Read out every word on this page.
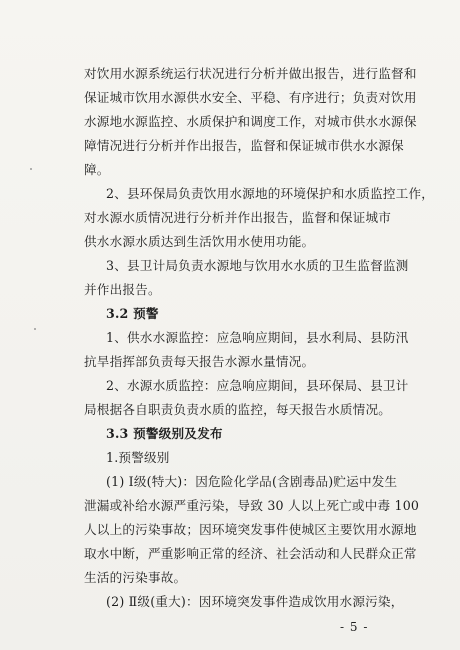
对饮用水源系统运行状况进行分析并做出报告，进行监督和
保证城市饮用水源供水安全、平稳、有序进行；负责对饮用
水源地水源监控、水质保护和调度工作，对城市供水水源保
障情况进行分析并作出报告，监督和保证城市供水水源保
障。
2、县环保局负责饮用水源地的环境保护和水质监控工作，
对水源水质情况进行分析并作出报告，监督和保证城市
供水水源水质达到生活饮用水使用功能。
3、县卫计局负责水源地与饮用水水质的卫生监督监测
并作出报告。
3.2 预警
1、供水水源监控：应急响应期间，县水利局、县防汛
抗旱指挥部负责每天报告水源水量情况。
2、水源水质监控：应急响应期间，县环保局、县卫计
局根据各自职责负责水质的监控，每天报告水质情况。
3.3 预警级别及发布
1.预警级别
(1) Ⅰ级(特大)：因危险化学品(含剧毒品)贮运中发生
泄漏或补给水源严重污染，导致 30 人以上死亡或中毒 100
人以上的污染事故；因环境突发事件使城区主要饮用水源地
取水中断，严重影响正常的经济、社会活动和人民群众正常
生活的污染事故。
(2) Ⅱ级(重大)：因环境突发事件造成饮用水源污染，
- 5 -
